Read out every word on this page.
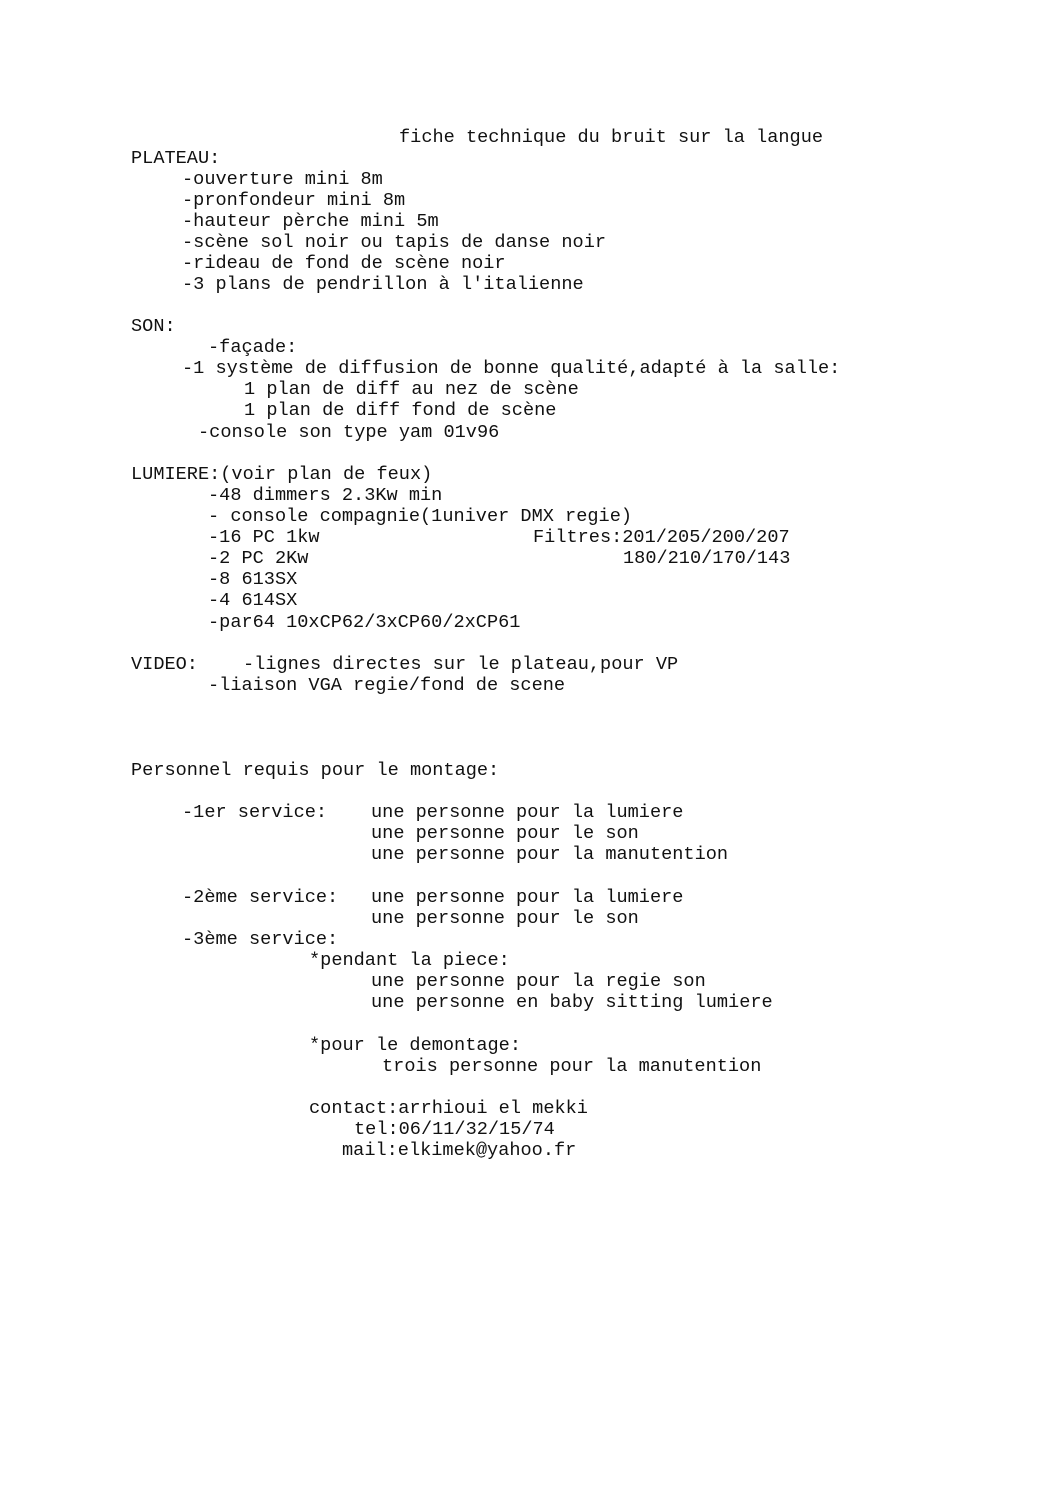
fiche technique du bruit sur la langue
PLATEAU:
-ouverture mini 8m
-pronfondeur mini 8m
-hauteur pèrche mini 5m
-scène sol noir ou tapis de danse noir
-rideau de fond de scène noir
-3 plans de pendrillon à l'italienne
SON:
-façade:
-1 système de diffusion de bonne qualité,adapté à la salle:
1 plan de diff au nez de scène
1 plan de diff fond de scène
-console son type yam 01v96
LUMIERE:(voir plan de feux)
-48 dimmers 2.3Kw min
- console compagnie(1univer DMX regie)
-16 PC 1kw	Filtres:201/205/200/207
-2 PC 2Kw	180/210/170/143
-8 613SX
-4 614SX
-par64 10xCP62/3xCP60/2xCP61
VIDEO: -lignes directes sur le plateau,pour VP
-liaison VGA regie/fond de scene
Personnel requis pour le montage:
-1er service: une personne pour la lumiere
une personne pour le son
une personne pour la manutention
-2ème service: une personne pour la lumiere
une personne pour le son
-3ème service:
*pendant la piece:
une personne pour la regie son
une personne en baby sitting lumiere
*pour le demontage:
trois personne pour la manutention
contact:arrhioui el mekki
tel:06/11/32/15/74
mail:elkimek@yahoo.fr
